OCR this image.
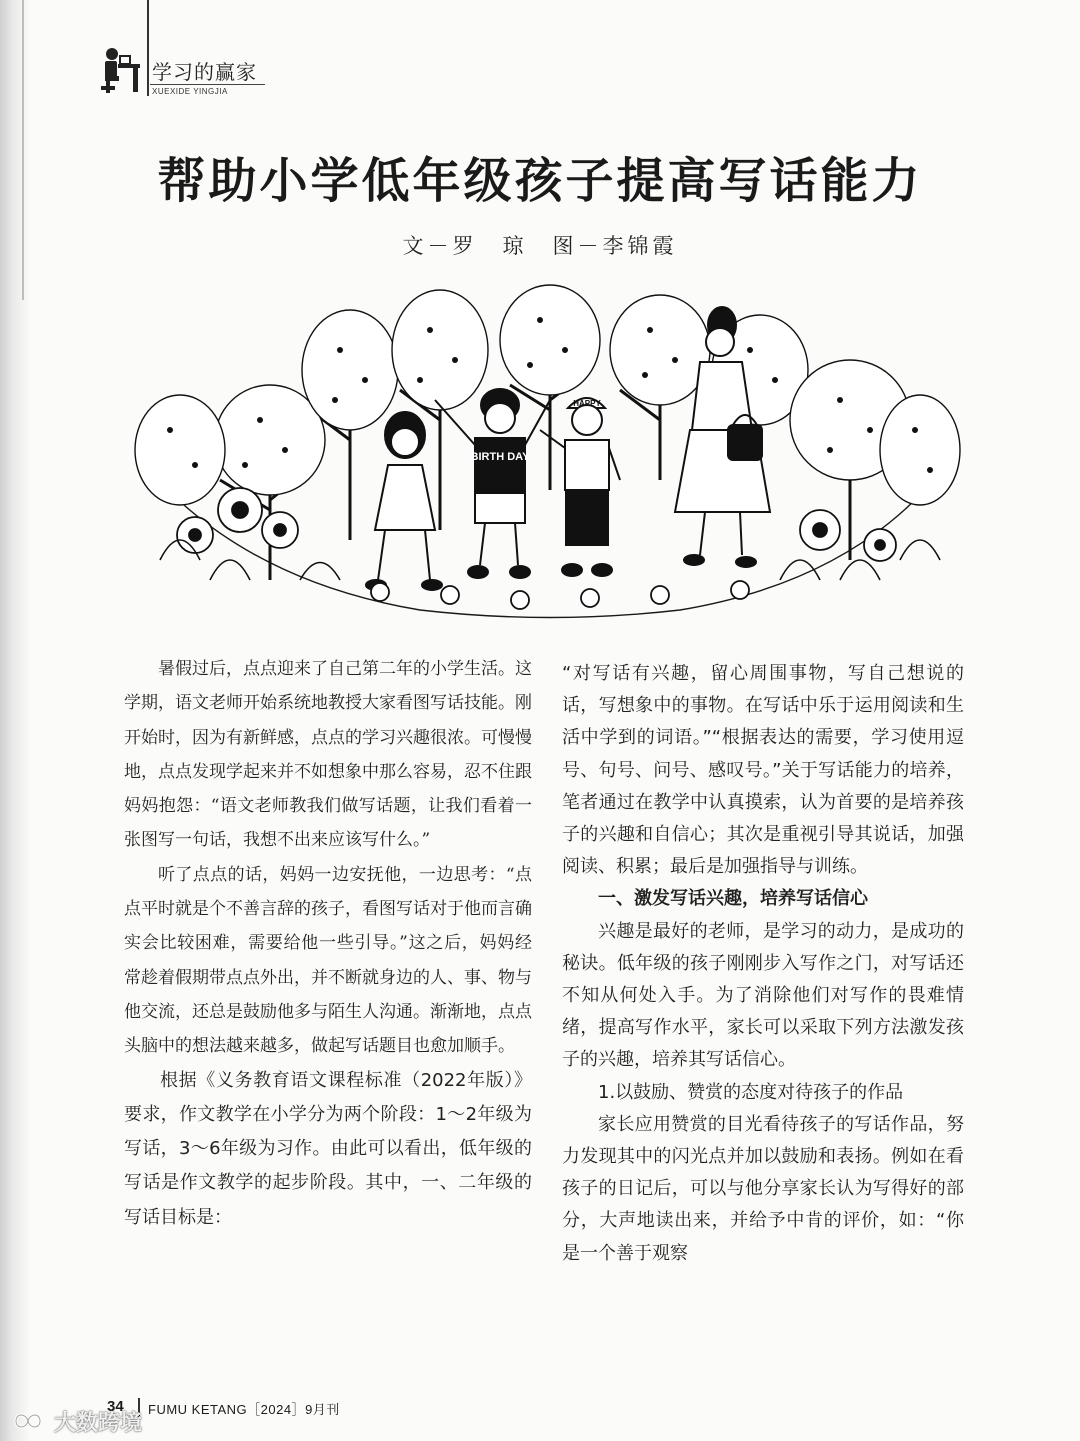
学习的赢家
XUEXIDE YINGJIA
帮助小学低年级孩子提高写话能力
文－罗　琼　图－李锦霞
BIRTH DAY
HAPPY

暑假过后，点点迎来了自己第二年的小学生活。这学期，语文老师开始系统地教授大家看图写话技能。刚开始时，因为有新鲜感，点点的学习兴趣很浓。可慢慢地，点点发现学起来并不如想象中那么容易，忍不住跟妈妈抱怨：“语文老师教我们做写话题，让我们看着一张图写一句话，我想不出来应该写什么。”

听了点点的话，妈妈一边安抚他，一边思考：“点点平时就是个不善言辞的孩子，看图写话对于他而言确实会比较困难，需要给他一些引导。”这之后，妈妈经常趁着假期带点点外出，并不断就身边的人、事、物与他交流，还总是鼓励他多与陌生人沟通。渐渐地，点点头脑中的想法越来越多，做起写话题目也愈加顺手。

根据《义务教育语文课程标准（2022年版）》要求，作文教学在小学分为两个阶段：1～2年级为写话，3～6年级为习作。由此可以看出，低年级的写话是作文教学的起步阶段。其中，一、二年级的写话目标是：

“对写话有兴趣，留心周围事物，写自己想说的话，写想象中的事物。在写话中乐于运用阅读和生活中学到的词语。”“根据表达的需要，学习使用逗号、句号、问号、感叹号。”关于写话能力的培养，笔者通过在教学中认真摸索，认为首要的是培养孩子的兴趣和自信心；其次是重视引导其说话，加强阅读、积累；最后是加强指导与训练。

一、激发写话兴趣，培养写话信心

兴趣是最好的老师，是学习的动力，是成功的秘诀。低年级的孩子刚刚步入写作之门，对写话还不知从何处入手。为了消除他们对写作的畏难情绪，提高写作水平，家长可以采取下列方法激发孩子的兴趣，培养其写话信心。

1.以鼓励、赞赏的态度对待孩子的作品

家长应用赞赏的目光看待孩子的写话作品，努力发现其中的闪光点并加以鼓励和表扬。例如在看孩子的日记后，可以与他分享家长认为写得好的部分，大声地读出来，并给予中肯的评价，如：“你是一个善于观察

34 FUMU KETANG［2024］9月刊
大数跨境
